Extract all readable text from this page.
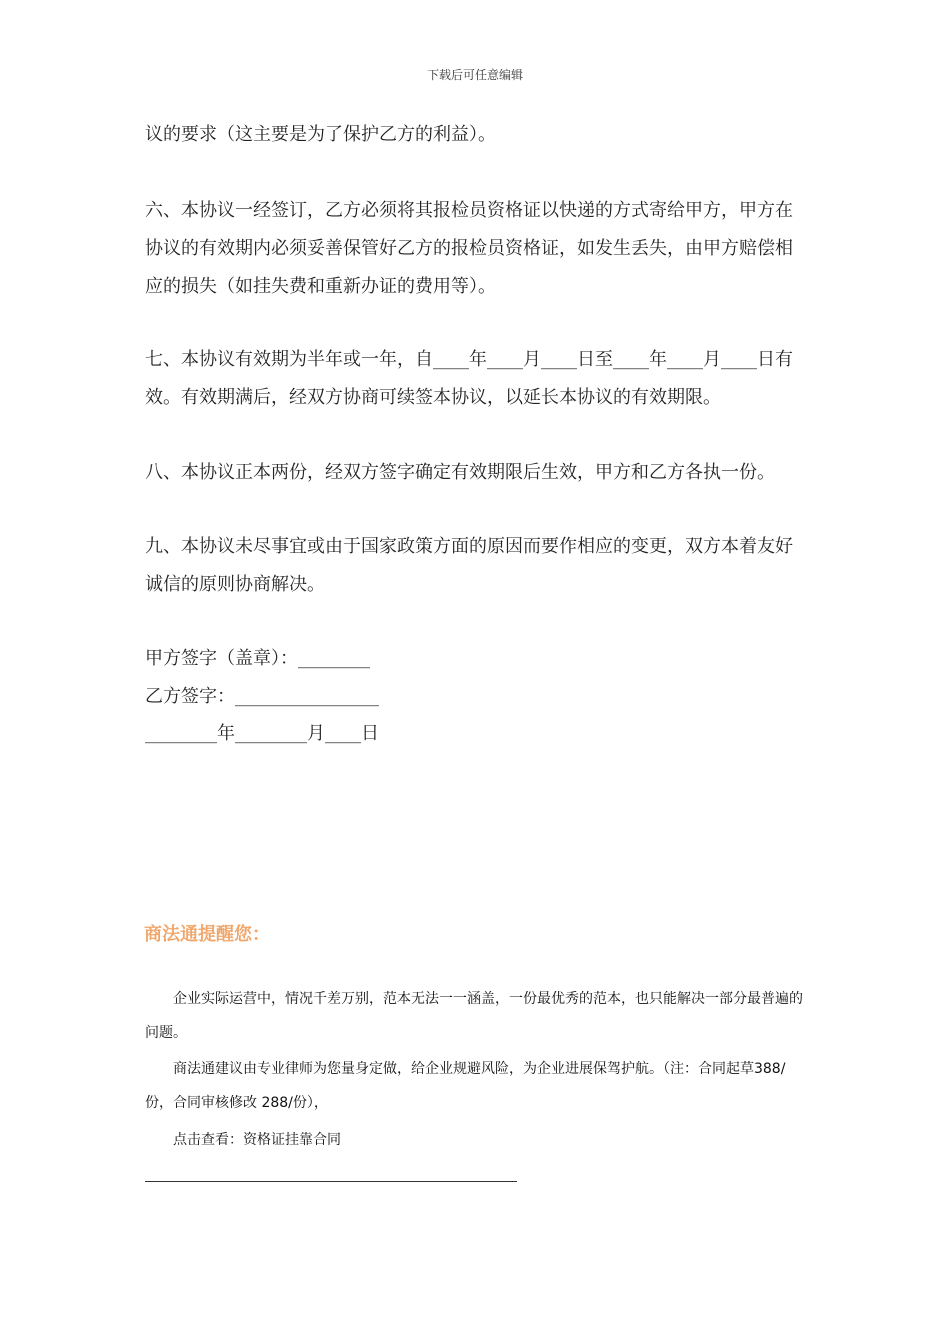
下载后可任意编辑

议的要求（这主要是为了保护乙方的利益）。

六、本协议一经签订，乙方必须将其报检员资格证以快递的方式寄给甲方，甲方在协议的有效期内必须妥善保管好乙方的报检员资格证，如发生丢失，由甲方赔偿相应的损失（如挂失费和重新办证的费用等）。

七、本协议有效期为半年或一年，自____年____月____日至____年____月____日有效。有效期满后，经双方协商可续签本协议，以延长本协议的有效期限。

八、本协议正本两份，经双方签字确定有效期限后生效，甲方和乙方各执一份。

九、本协议未尽事宜或由于国家政策方面的原因而要作相应的变更，双方本着友好诚信的原则协商解决。

甲方签字（盖章）：________
乙方签字：________________
________年________月____日
商法通提醒您：

企业实际运营中，情况千差万别，范本无法一一涵盖，一份最优秀的范本，也只能解决一部分最普遍的问题。

商法通建议由专业律师为您量身定做，给企业规避风险，为企业进展保驾护航。（注：合同起草388/份，合同审核修改 288/份），

点击查看：资格证挂靠合同
